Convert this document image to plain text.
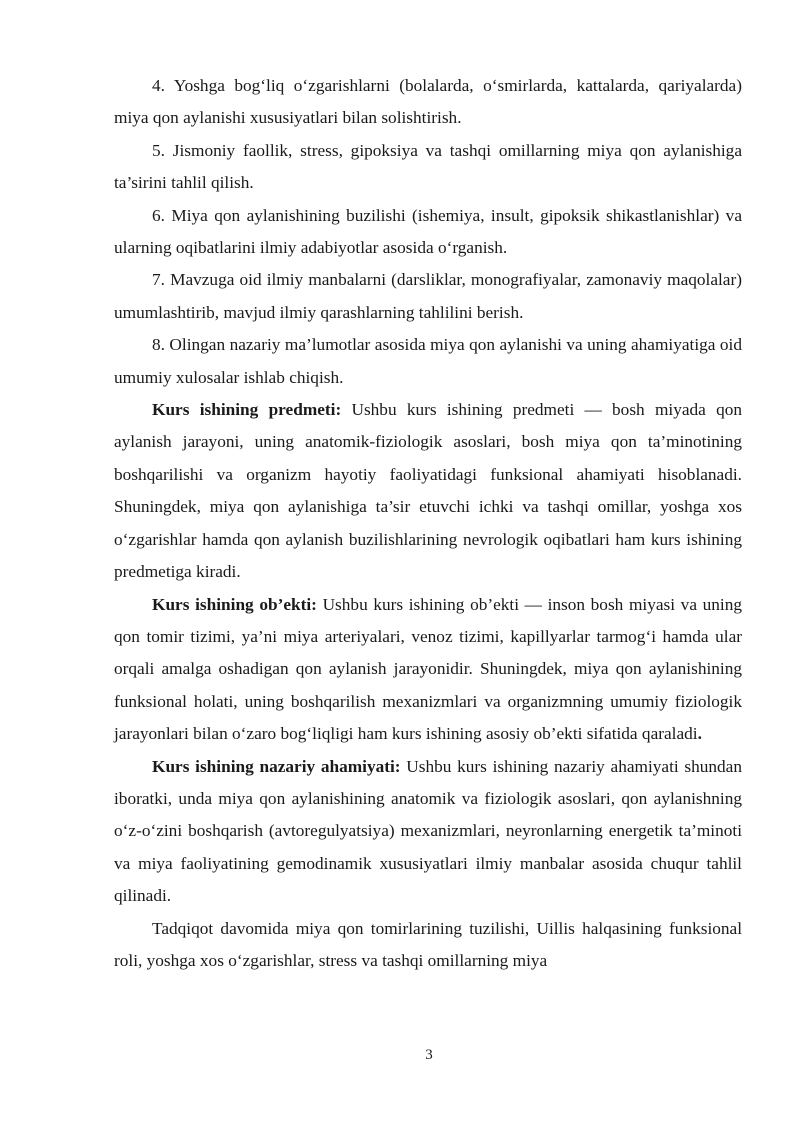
4. Yoshga bog‘liq o‘zgarishlarni (bolalarda, o‘smirlarda, kattalarda, qariyalarda) miya qon aylanishi xususiyatlari bilan solishtirish.

5. Jismoniy faollik, stress, gipoksiya va tashqi omillarning miya qon aylanishiga ta’sirini tahlil qilish.

6. Miya qon aylanishining buzilishi (ishemiya, insult, gipoksik shikastlanishlar) va ularning oqibatlarini ilmiy adabiyotlar asosida o‘rganish.

7. Mavzuga oid ilmiy manbalarni (darsliklar, monografiyalar, zamonaviy maqolalar) umumlashtirib, mavjud ilmiy qarashlarning tahlilini berish.

8. Olingan nazariy ma’lumotlar asosida miya qon aylanishi va uning ahamiyatiga oid umumiy xulosalar ishlab chiqish.

Kurs ishining predmeti: Ushbu kurs ishining predmeti — bosh miyada qon aylanish jarayoni, uning anatomik-fiziologik asoslari, bosh miya qon ta’minotining boshqarilishi va organizm hayotiy faoliyatidagi funksional ahamiyati hisoblanadi. Shuningdek, miya qon aylanishiga ta’sir etuvchi ichki va tashqi omillar, yoshga xos o‘zgarishlar hamda qon aylanish buzilishlarining nevrologik oqibatlari ham kurs ishining predmetiga kiradi.

Kurs ishining ob’ekti: Ushbu kurs ishining ob’ekti — inson bosh miyasi va uning qon tomir tizimi, ya’ni miya arteriyalari, venoz tizimi, kapillyarlar tarmog‘i hamda ular orqali amalga oshadigan qon aylanish jarayonidir. Shuningdek, miya qon aylanishining funksional holati, uning boshqarilish mexanizmlari va organizmning umumiy fiziologik jarayonlari bilan o‘zaro bog‘liqligi ham kurs ishining asosiy ob’ekti sifatida qaraladi.

Kurs ishining nazariy ahamiyati: Ushbu kurs ishining nazariy ahamiyati shundan iboratki, unda miya qon aylanishining anatomik va fiziologik asoslari, qon aylanishning o‘z-o‘zini boshqarish (avtoregulyatsiya) mexanizmlari, neyronlarning energetik ta’minoti va miya faoliyatining gemodinamik xususiyatlari ilmiy manbalar asosida chuqur tahlil qilinadi.

Tadqiqot davomida miya qon tomirlarining tuzilishi, Uillis halqasining funksional roli, yoshga xos o‘zgarishlar, stress va tashqi omillarning miya

3
